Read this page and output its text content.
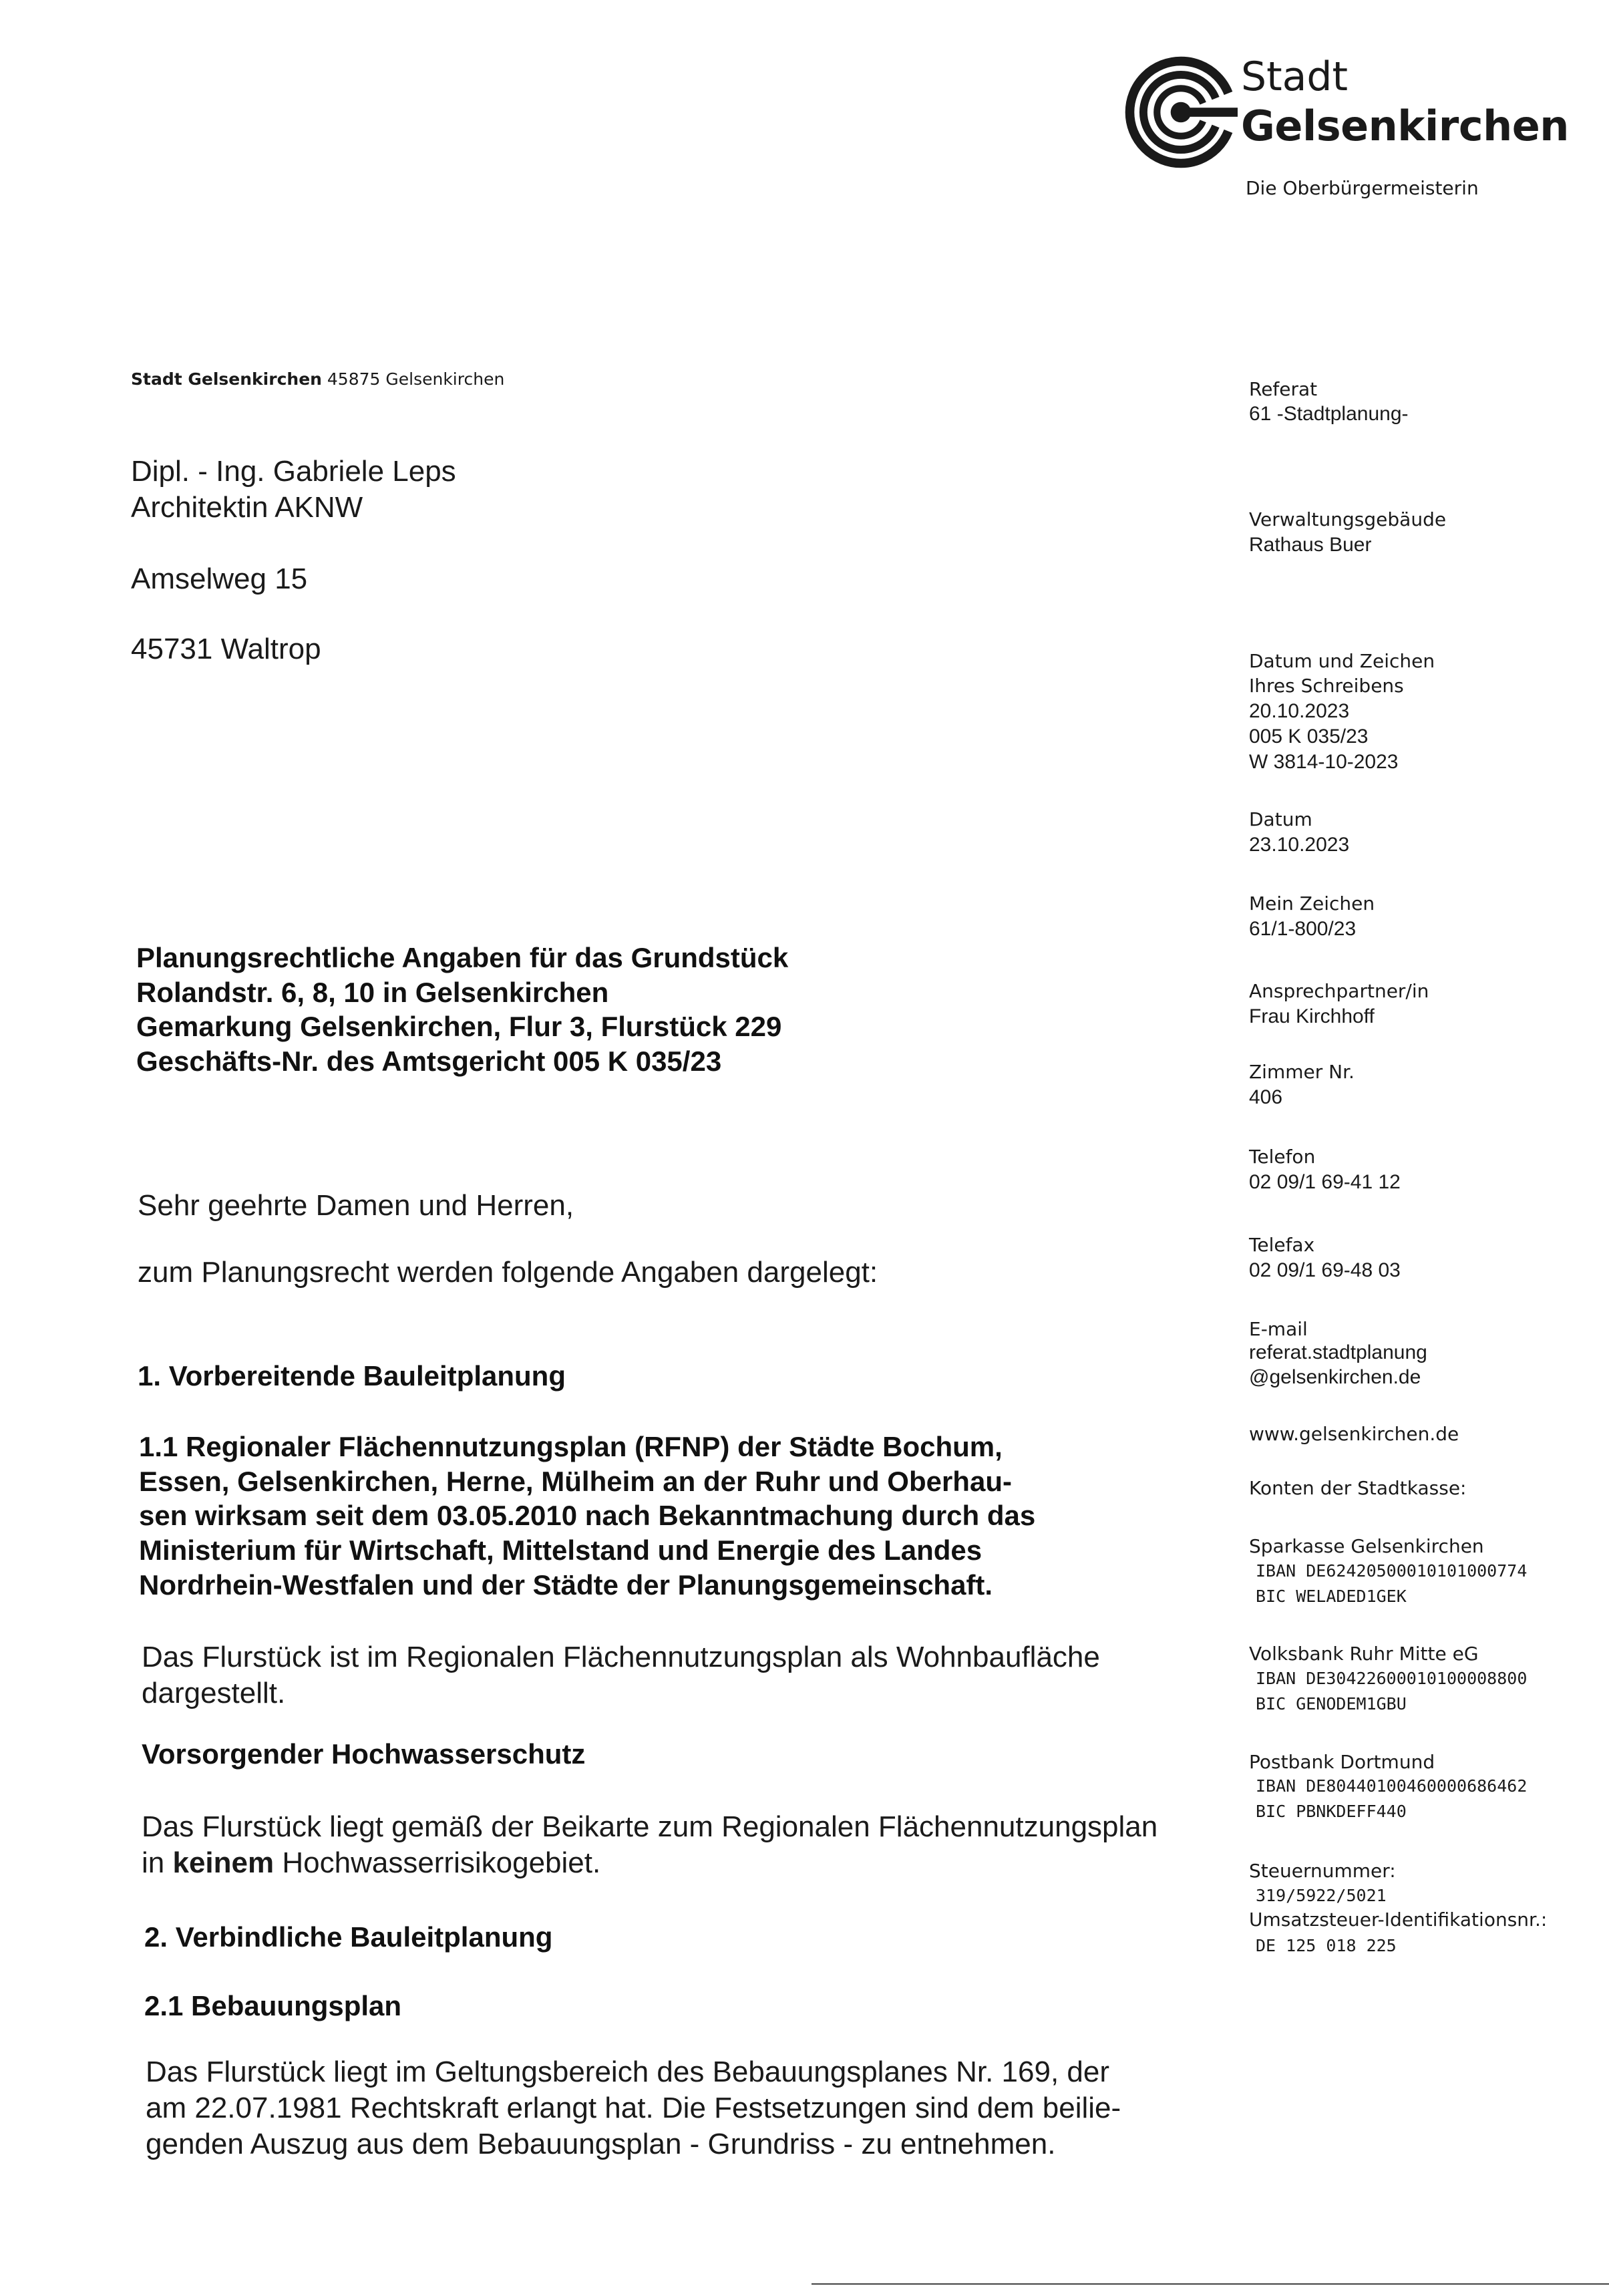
Stadt
Gelsenkirchen
Die Oberbürgermeisterin
Stadt Gelsenkirchen 45875 Gelsenkirchen
Dipl. - Ing. Gabriele Leps
Architektin AKNW
Amselweg 15
45731 Waltrop
Referat
61 -Stadtplanung-
Verwaltungsgebäude
Rathaus Buer
Datum und Zeichen
Ihres Schreibens
20.10.2023
005 K 035/23
W 3814-10-2023
Datum
23.10.2023
Mein Zeichen
61/1-800/23
Ansprechpartner/in
Frau Kirchhoff
Zimmer Nr.
406
Telefon
02 09/1 69-41 12
Telefax
02 09/1 69-48 03
E-mail
referat.stadtplanung
@gelsenkirchen.de
www.gelsenkirchen.de
Konten der Stadtkasse:
Sparkasse Gelsenkirchen
IBAN DE62420500010101000774
BIC WELADED1GEK
Volksbank Ruhr Mitte eG
IBAN DE30422600010100008800
BIC GENODEM1GBU
Postbank Dortmund
IBAN DE80440100460000686462
BIC PBNKDEFF440
Steuernummer:
319/5922/5021
Umsatzsteuer-Identifikationsnr.:
DE 125 018 225
Planungsrechtliche Angaben für das Grundstück
Rolandstr. 6, 8, 10 in Gelsenkirchen
Gemarkung Gelsenkirchen, Flur 3, Flurstück 229
Geschäfts-Nr. des Amtsgericht 005 K 035/23
Sehr geehrte Damen und Herren,
zum Planungsrecht werden folgende Angaben dargelegt:
1. Vorbereitende Bauleitplanung
1.1 Regionaler Flächennutzungsplan (RFNP) der Städte Bochum,
Essen, Gelsenkirchen, Herne, Mülheim an der Ruhr und Oberhau-
sen wirksam seit dem 03.05.2010 nach Bekanntmachung durch das
Ministerium für Wirtschaft, Mittelstand und Energie des Landes
Nordrhein-Westfalen und der Städte der Planungsgemeinschaft.
Das Flurstück ist im Regionalen Flächennutzungsplan als Wohnbaufläche
dargestellt.
Vorsorgender Hochwasserschutz
Das Flurstück liegt gemäß der Beikarte zum Regionalen Flächennutzungsplan
in keinem Hochwasserrisikogebiet.
2. Verbindliche Bauleitplanung
2.1 Bebauungsplan
Das Flurstück liegt im Geltungsbereich des Bebauungsplanes Nr. 169, der
am 22.07.1981 Rechtskraft erlangt hat. Die Festsetzungen sind dem beilie-
genden Auszug aus dem Bebauungsplan - Grundriss - zu entnehmen.
